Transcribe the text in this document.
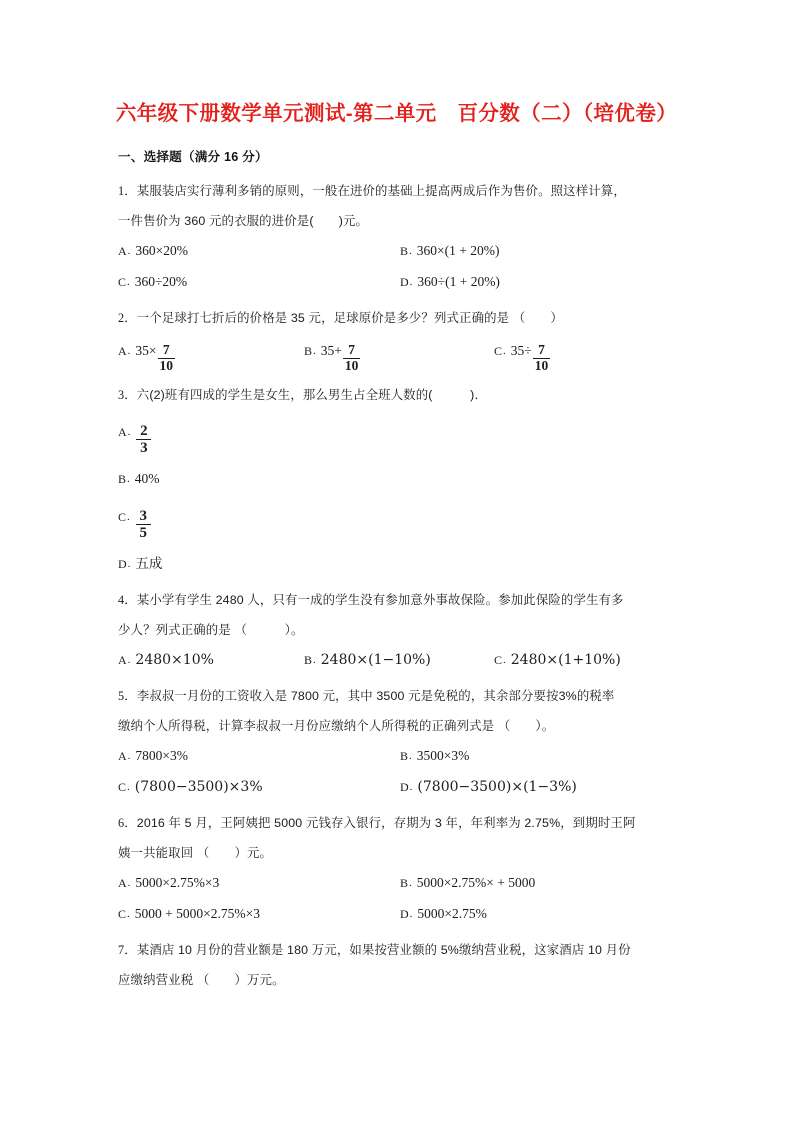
六年级下册数学单元测试-第二单元　百分数（二）（培优卷）
一、选择题（满分 16 分）

1．某服装店实行薄利多销的原则，一般在进价的基础上提高两成后作为售价。照这样计算，

一件售价为 360 元的衣服的进价是(　　)元。

A . 360×20%	B . 360×(1 + 20%)
C . 360÷20%	D . 360÷(1 + 20%)

2．一个足球打七折后的价格是 35 元，足球原价是多少？列式正确的是 （　　）

A . $35\times \frac{7}{10}$	B . $35+ \frac{7}{10}$	C . $35\div \frac{7}{10}$

3．六(2)班有四成的学生是女生，那么男生占全班人数的(　　　)．

A . $\frac{2}{3}$
B . 40%
C . $\frac{3}{5}$
D . 五成

4．某小学有学生 2480 人，只有一成的学生没有参加意外事故保险。参加此保险的学生有多

少人？列式正确的是 （　　　）。

A . 2480×10%	B . 2480×(1−10%)	C . 2480×(1+10%)

5．李叔叔一月份的工资收入是 7800 元，其中 3500 元是免税的，其余部分要按3%的税率

缴纳个人所得税，计算李叔叔一月份应缴纳个人所得税的正确列式是 （　　）。

A . 7800×3%	B . 3500×3%
C . (7800−3500)×3%	D . (7800−3500)×(1−3%)

6．2016 年 5 月，王阿姨把 5000 元钱存入银行，存期为 3 年，年利率为 2.75%，到期时王阿

姨一共能取回 （　　）元。

A . 5000×2.75%×3	B . 5000×2.75%× + 5000
C . 5000 + 5000×2.75%×3	D . 5000×2.75%

7．某酒店 10 月份的营业额是 180 万元，如果按营业额的 5%缴纳营业税，这家酒店 10 月份

应缴纳营业税 （　　）万元。
